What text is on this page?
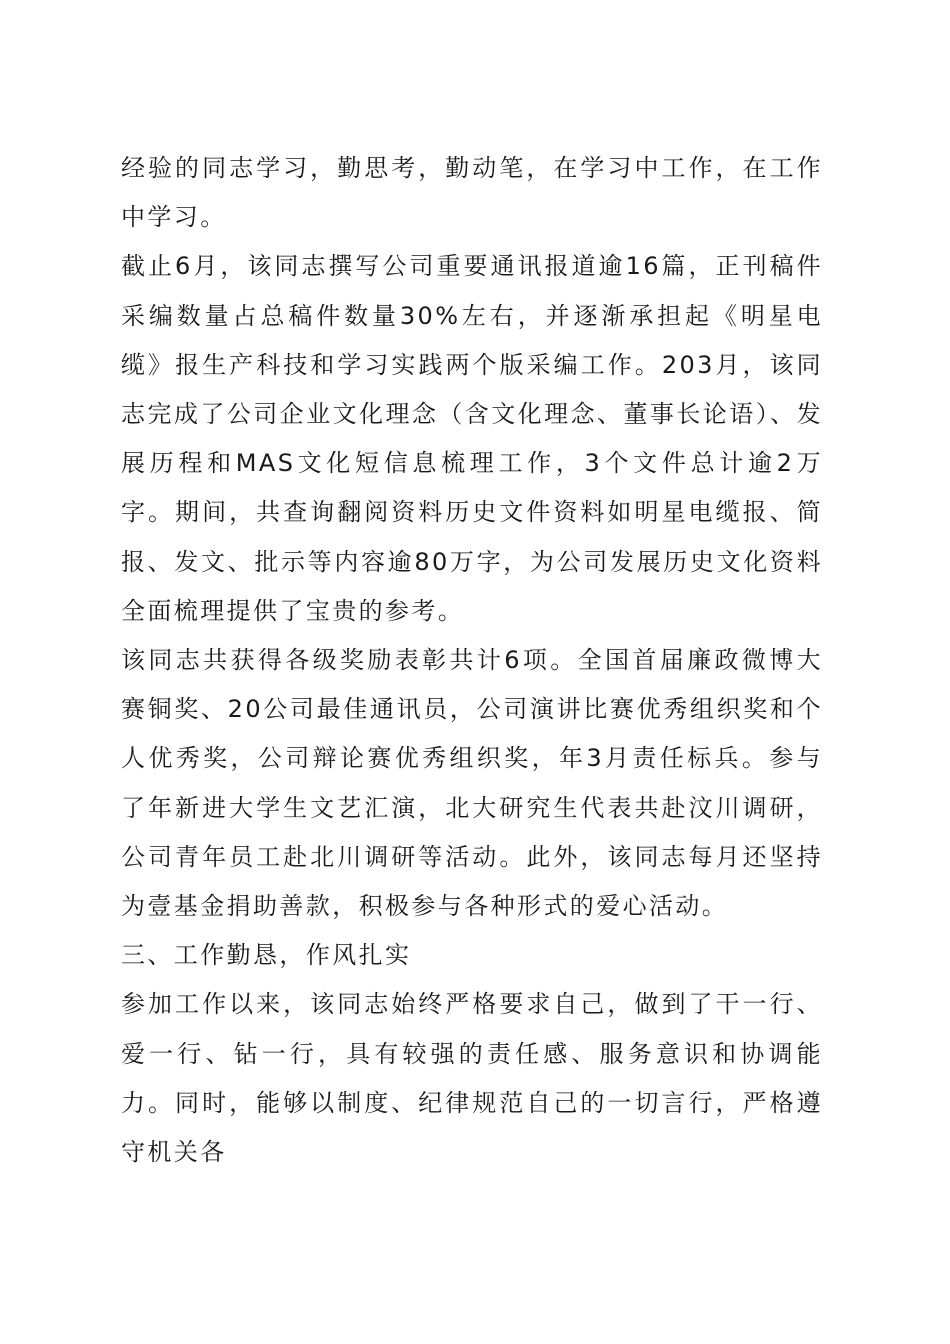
经验的同志学习，勤思考，勤动笔，在学习中工作，在工作中学习。

截止6月，该同志撰写公司重要通讯报道逾16篇，正刊稿件采编数量占总稿件数量30%左右，并逐渐承担起《明星电缆》报生产科技和学习实践两个版采编工作。203月，该同志完成了公司企业文化理念（含文化理念、董事长论语）、发展历程和MAS文化短信息梳理工作，3个文件总计逾2万字。期间，共查询翻阅资料历史文件资料如明星电缆报、简报、发文、批示等内容逾80万字，为公司发展历史文化资料全面梳理提供了宝贵的参考。

该同志共获得各级奖励表彰共计6项。全国首届廉政微博大赛铜奖、20公司最佳通讯员，公司演讲比赛优秀组织奖和个人优秀奖，公司辩论赛优秀组织奖，年3月责任标兵。参与了年新进大学生文艺汇演，北大研究生代表共赴汶川调研，公司青年员工赴北川调研等活动。此外，该同志每月还坚持为壹基金捐助善款，积极参与各种形式的爱心活动。

三、工作勤恳，作风扎实

参加工作以来，该同志始终严格要求自己，做到了干一行、爱一行、钻一行，具有较强的责任感、服务意识和协调能力。同时，能够以制度、纪律规范自己的一切言行，严格遵守机关各
